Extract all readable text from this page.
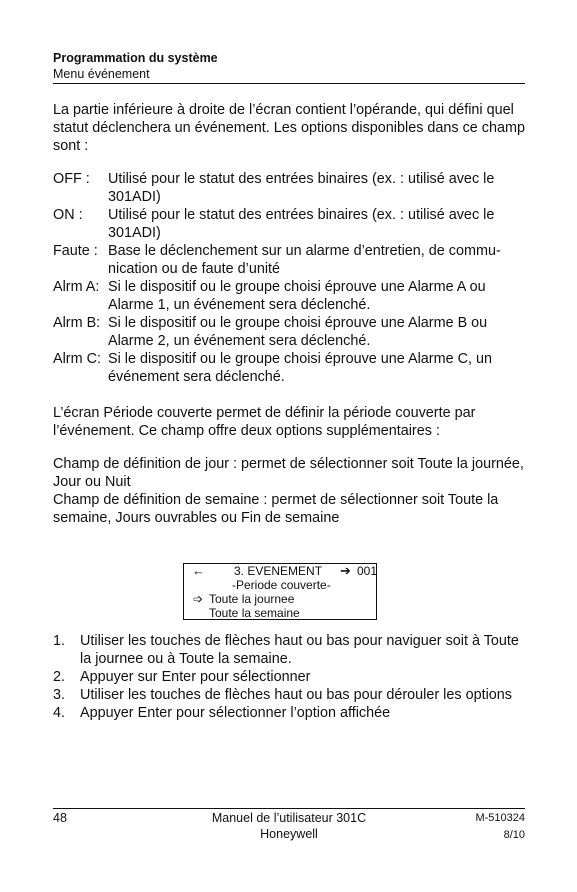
Programmation du système
Menu événement

La partie inférieure à droite de l’écran contient l’opérande, qui défini quel statut déclenchera un événement. Les options disponibles dans ce champ sont :

OFF :	Utilisé pour le statut des entrées binaires (ex. : utilisé avec le 301ADI)
ON :	Utilisé pour le statut des entrées binaires (ex. : utilisé avec le 301ADI)
Faute : Base le déclenchement sur un alarme d’entretien, de commu-nication ou de faute d’unité
Alrm A: Si le dispositif ou le groupe choisi éprouve une Alarme A ou Alarme 1, un événement sera déclenché.
Alrm B: Si le dispositif ou le groupe choisi éprouve une Alarme B ou Alarme 2, un événement sera déclenché.
Alrm C: Si le dispositif ou le groupe choisi éprouve une Alarme C, un événement sera déclenché.

L’écran Période couverte permet de définir la période couverte par l’événement. Ce champ offre deux options supplémentaires :

Champ de définition de jour : permet de sélectionner soit Toute la journée, Jour ou Nuit

Champ de définition de semaine : permet de sélectionner soit Toute la semaine, Jours ouvrables ou Fin de semaine

← 3. EVENEMENT ➔ 001
-Periode couverte-
➩ Toute la journee
Toute la semaine
1.	Utiliser les touches de flèches haut ou bas pour naviguer soit à Toute la journee ou à Toute la semaine.
2.	Appuyer sur Enter pour sélectionner
3.	Utiliser les touches de flèches haut ou bas pour dérouler les options
4.	Appuyer Enter pour sélectionner l’option affichée
48	Manuel de l’utilisateur 301C
Honeywell
M-510324
8/10
